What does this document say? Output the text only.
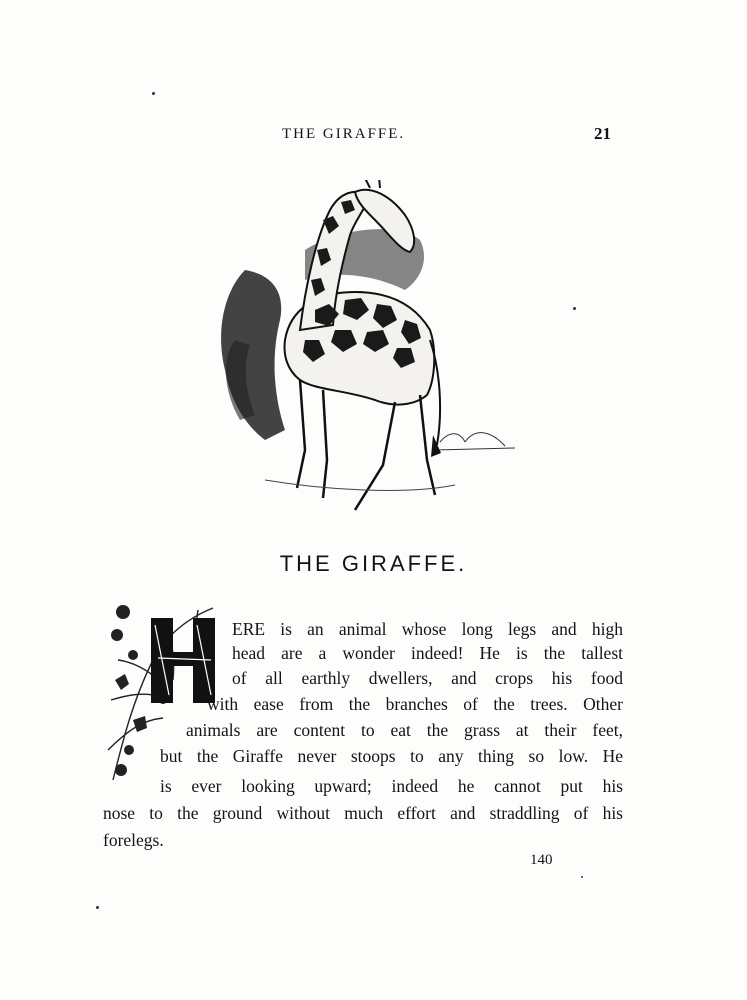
THE GIRAFFE.	21
THE GIRAFFE.
ERE is an animal whose long legs and high
head are a wonder indeed! He is the tallest
of all earthly dwellers, and crops his food
with ease from the branches of the trees. Other
animals are content to eat the grass at their feet,
but the Giraffe never stoops to any thing so low. He
is ever looking upward; indeed he cannot put his
nose to the ground without much effort and straddling of his
forelegs.
140
